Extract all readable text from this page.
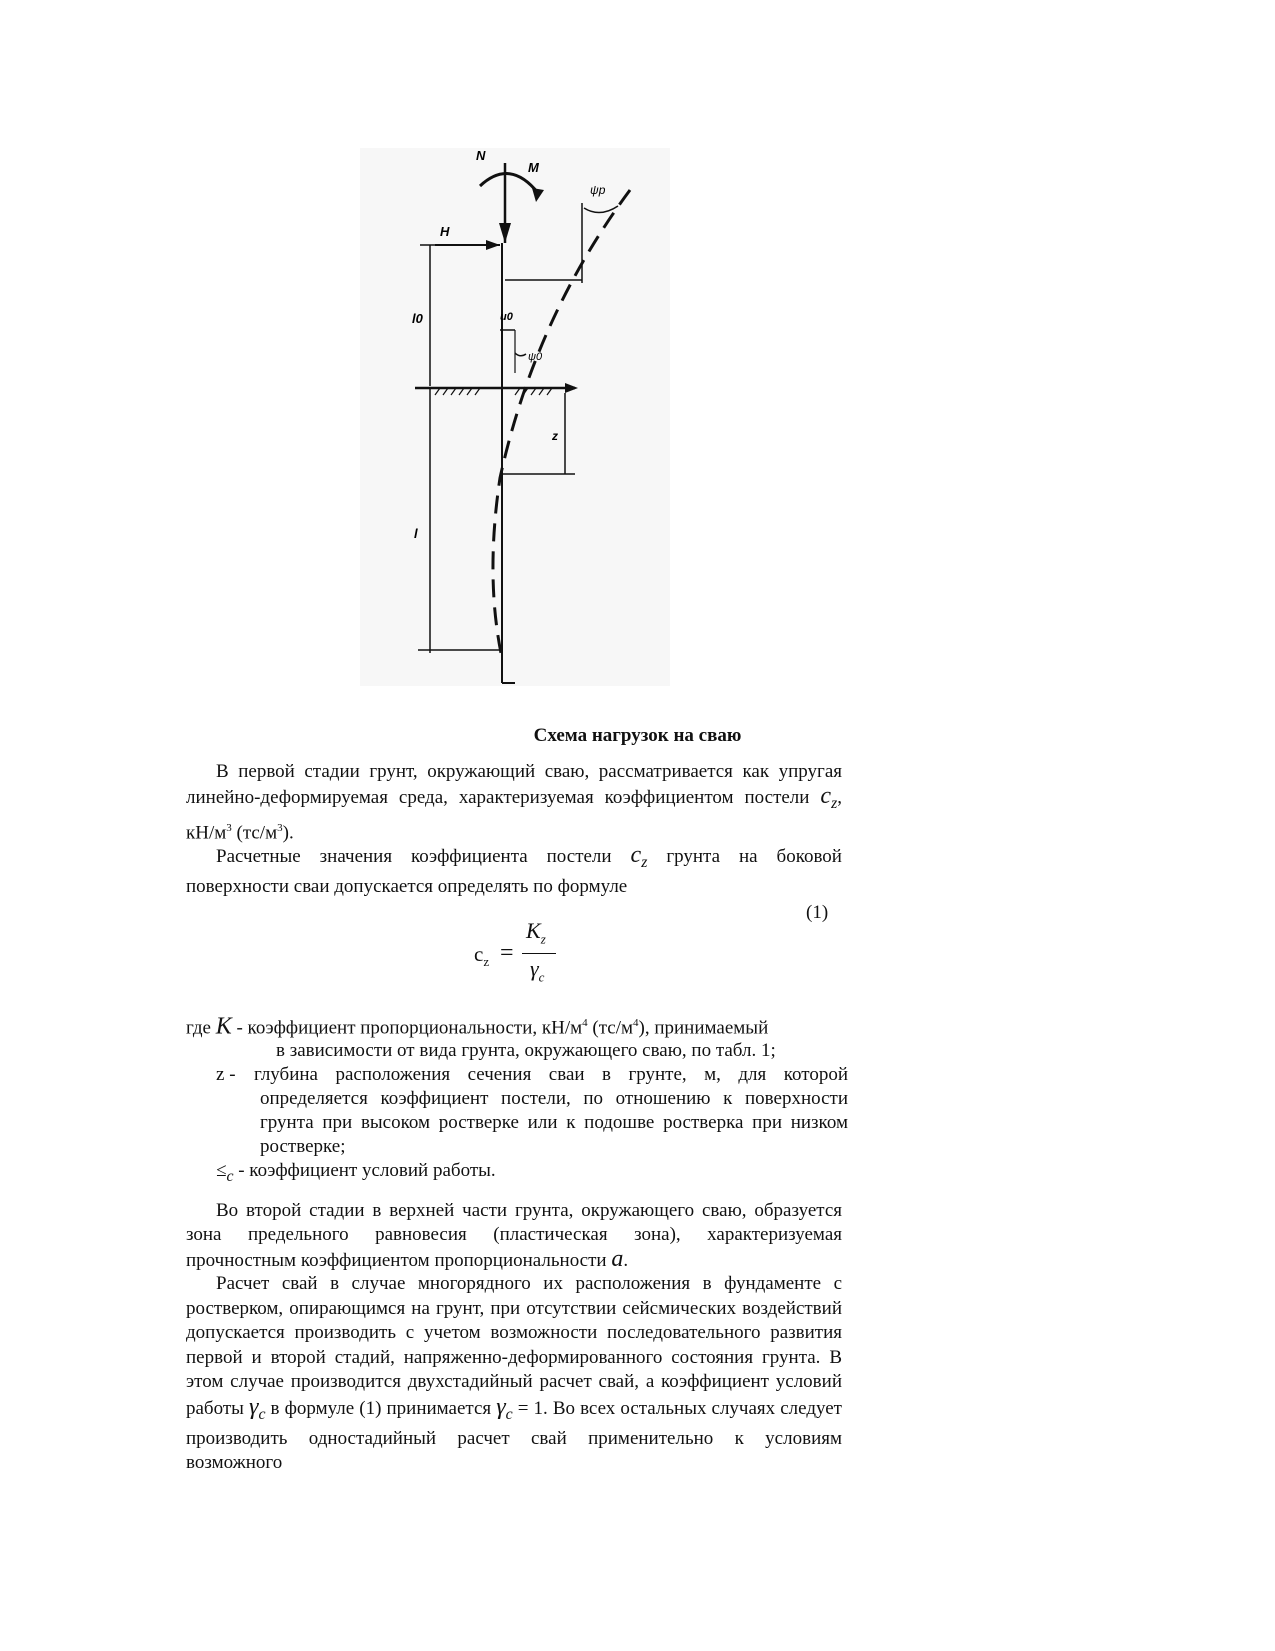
N
M
H
ψp
l0	u0
ψ0
z
l
Схема нагрузок на сваю
В первой стадии грунт, окружающий сваю, рассматривается как упругая линейно-деформируемая среда, характеризуемая коэффициентом постели $c_z$, $кН/м^3$ $(тс/м^3)$.
Расчетные значения коэффициента постели $c_z$ грунта на боковой поверхности сваи допускается определять по формуле
(1)
$c_z$ =
$K_z$
$\gamma_c$
где K - коэффициент пропорциональности, $кН/м^4$ $(тс/м^4)$, принимаемый
в зависимости от вида грунта, окружающего сваю, по табл. 1;
z - глубина расположения сечения сваи в грунте, м, для которой определяется коэффициент постели, по отношению к поверхности грунта при высоком ростверке или к подошве ростверка при низком ростверке;
$\le_c$ - коэффициент условий работы.
Во второй стадии в верхней части грунта, окружающего сваю, образуется зона предельного равновесия (пластическая зона), характеризуемая прочностным коэффициентом пропорциональности a.
Расчет свай в случае многорядного их расположения в фундаменте с ростверком, опирающимся на грунт, при отсутствии сейсмических воздействий допускается производить с учетом возможности последовательного развития первой и второй стадий, напряженно-деформированного состояния грунта. В этом случае производится двухстадийный расчет свай, а коэффициент условий работы $\gamma_c$ в формуле (1) принимается $\gamma_c = 1$. Во всех остальных случаях следует производить одностадийный расчет свай применительно к условиям возможного
